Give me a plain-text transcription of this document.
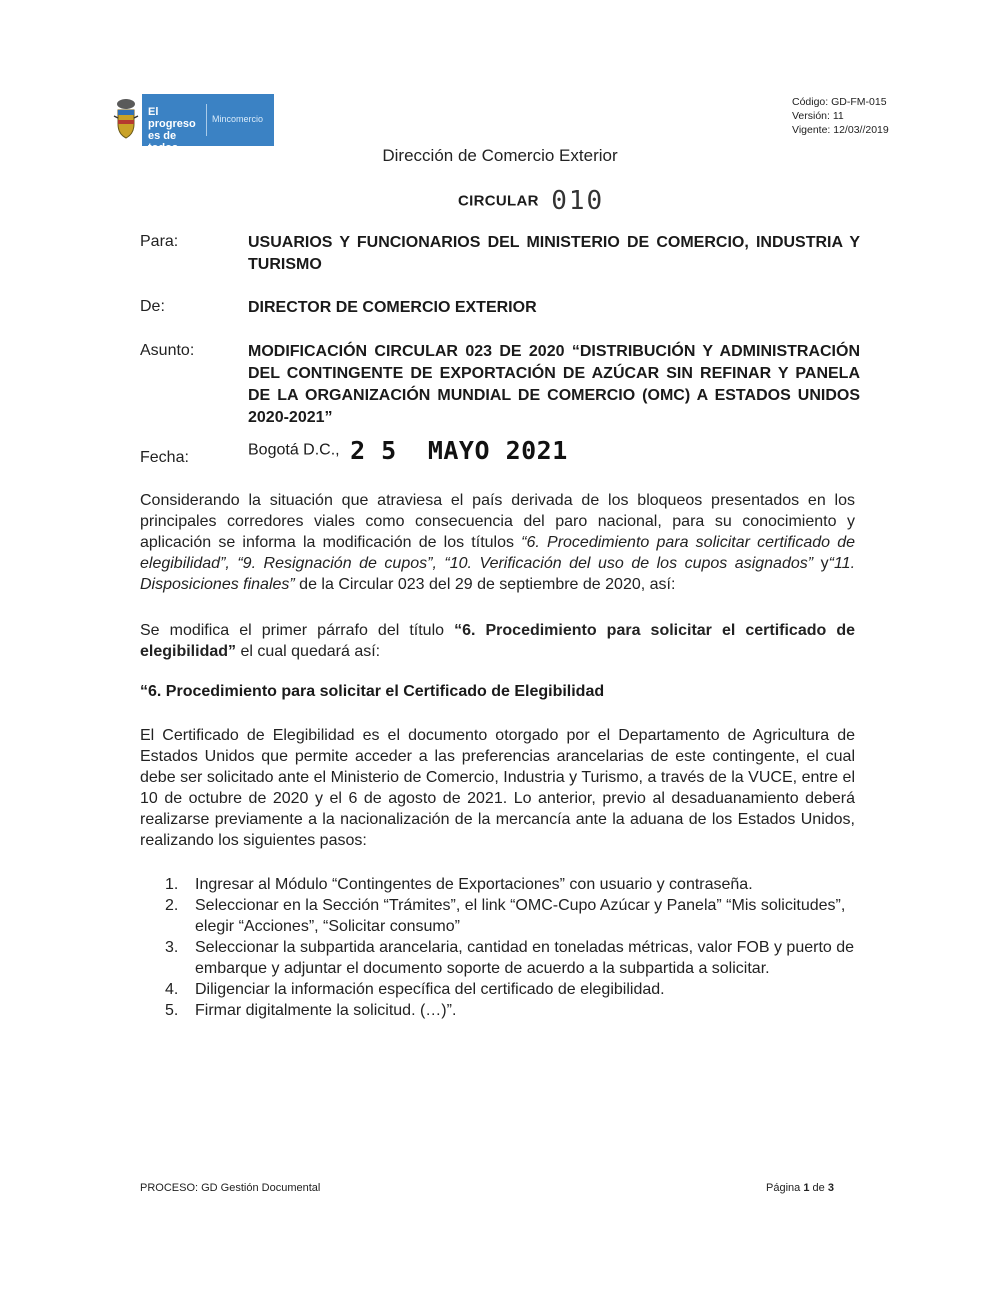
El progreso
es de todos
Mincomercio
Código: GD-FM-015
Versión: 11
Vigente: 12/03//2019
Dirección de Comercio Exterior
CIRCULAR 010
Para:	USUARIOS Y FUNCIONARIOS DEL MINISTERIO DE COMERCIO, INDUSTRIA Y TURISMO
De:	DIRECTOR DE COMERCIO EXTERIOR
Asunto:	MODIFICACIÓN CIRCULAR 023 DE 2020 “DISTRIBUCIÓN Y ADMINISTRACIÓN DEL CONTINGENTE DE EXPORTACIÓN DE AZÚCAR SIN REFINAR Y PANELA DE LA ORGANIZACIÓN MUNDIAL DE COMERCIO (OMC) A ESTADOS UNIDOS 2020-2021”
Fecha:	Bogotá D.C., 2 5  MAYO 2021
Considerando la situación que atraviesa el país derivada de los bloqueos presentados en los principales corredores viales como consecuencia del paro nacional, para su conocimiento y aplicación se informa la modificación de los títulos “6. Procedimiento para solicitar certificado de elegibilidad”, “9. Resignación de cupos”, “10. Verificación del uso de los cupos asignados” y“11. Disposiciones finales” de la Circular 023 del 29 de septiembre de 2020, así:
Se modifica el primer párrafo del título “6. Procedimiento para solicitar el certificado de elegibilidad” el cual quedará así:
“6. Procedimiento para solicitar el Certificado de Elegibilidad
El Certificado de Elegibilidad es el documento otorgado por el Departamento de Agricultura de Estados Unidos que permite acceder a las preferencias arancelarias de este contingente, el cual debe ser solicitado ante el Ministerio de Comercio, Industria y Turismo, a través de la VUCE, entre el 10 de octubre de 2020 y el 6 de agosto de 2021. Lo anterior, previo al desaduanamiento deberá realizarse previamente a la nacionalización de la mercancía ante la aduana de los Estados Unidos, realizando los siguientes pasos:
1.	Ingresar al Módulo “Contingentes de Exportaciones” con usuario y contraseña.
2.	Seleccionar en la Sección “Trámites”, el link “OMC-Cupo Azúcar y Panela” “Mis solicitudes”, elegir “Acciones”, “Solicitar consumo”
3.	Seleccionar la subpartida arancelaria, cantidad en toneladas métricas, valor FOB y puerto de embarque y adjuntar el documento soporte de acuerdo a la subpartida a solicitar.
4.	Diligenciar la información específica del certificado de elegibilidad.
5.	Firmar digitalmente la solicitud. (…)”.
PROCESO: GD Gestión Documental	Página 1 de 3
